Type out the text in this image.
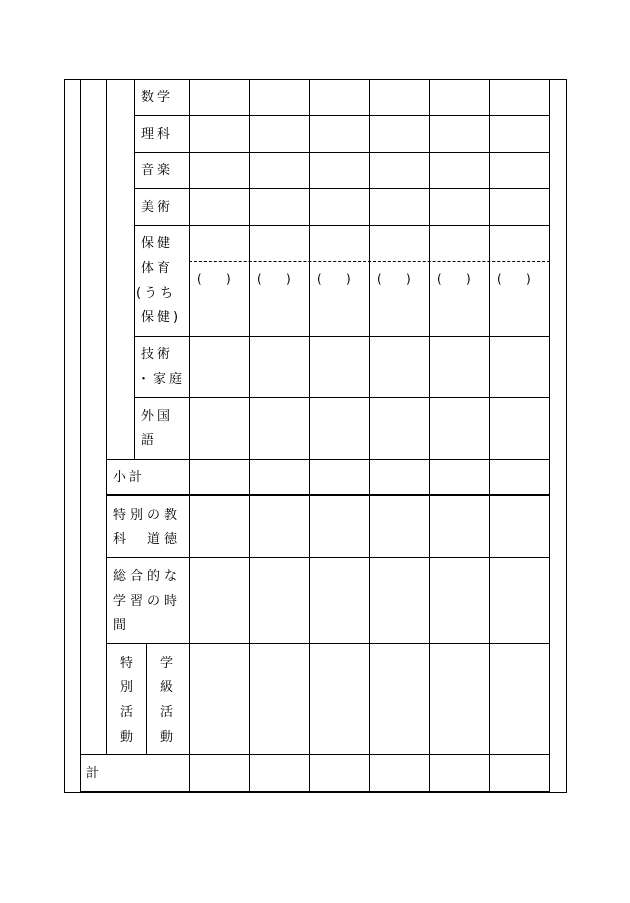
数学
理科
音楽
美術
保健
体育
(うち
保健)
技術
・家庭
外国
語
小計
特別の教
科　道徳
総合的な
学習の時
間
特
別
活
動
学
級
活
動
計
( ) ( ) ( ) ( ) ( ) ( )
